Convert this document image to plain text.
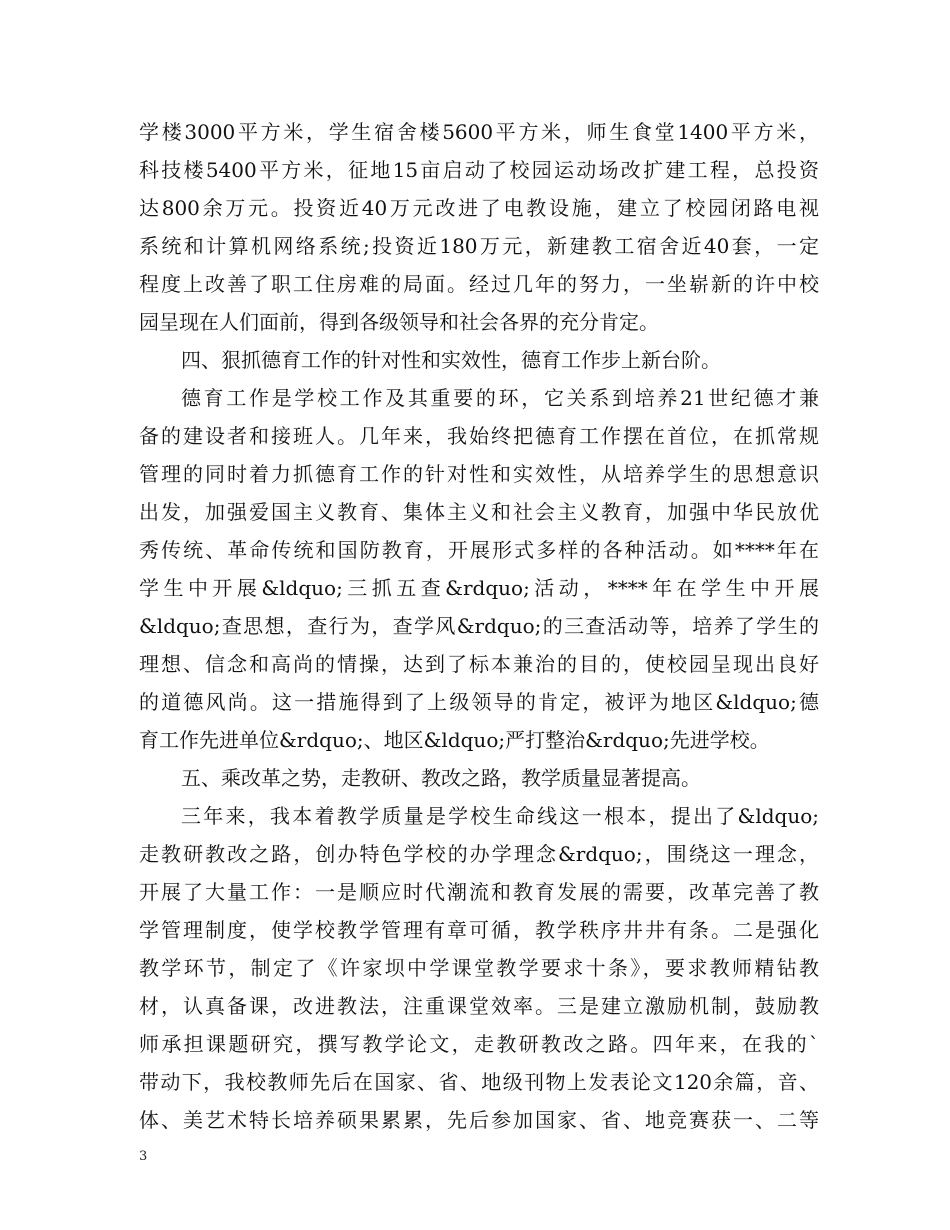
学楼3000平方米，学生宿舍楼5600平方米，师生食堂1400平方米，
科技楼5400平方米，征地15亩启动了校园运动场改扩建工程，总投资
达800余万元。投资近40万元改进了电教设施，建立了校园闭路电视
系统和计算机网络系统;投资近180万元，新建教工宿舍近40套，一定
程度上改善了职工住房难的局面。经过几年的努力，一坐崭新的许中校
园呈现在人们面前，得到各级领导和社会各界的充分肯定。
四、狠抓德育工作的针对性和实效性，德育工作步上新台阶。
德育工作是学校工作及其重要的环，它关系到培养21世纪德才兼
备的建设者和接班人。几年来，我始终把德育工作摆在首位，在抓常规
管理的同时着力抓德育工作的针对性和实效性，从培养学生的思想意识
出发，加强爱国主义教育、集体主义和社会主义教育，加强中华民放优
秀传统、革命传统和国防教育，开展形式多样的各种活动。如****年在
学生中开展&ldquo;三抓五查&rdquo;活动，****年在学生中开展
&ldquo;查思想，查行为，查学风&rdquo;的三查活动等，培养了学生的
理想、信念和高尚的情操，达到了标本兼治的目的，使校园呈现出良好
的道德风尚。这一措施得到了上级领导的肯定，被评为地区&ldquo;德
育工作先进单位&rdquo;、地区&ldquo;严打整治&rdquo;先进学校。
五、乘改革之势，走教研、教改之路，教学质量显著提高。
三年来，我本着教学质量是学校生命线这一根本，提出了&ldquo;
走教研教改之路，创办特色学校的办学理念&rdquo;，围绕这一理念，
开展了大量工作：一是顺应时代潮流和教育发展的需要，改革完善了教
学管理制度，使学校教学管理有章可循，教学秩序井井有条。二是强化
教学环节，制定了《许家坝中学课堂教学要求十条》，要求教师精钻教
材，认真备课，改进教法，注重课堂效率。三是建立激励机制，鼓励教
师承担课题研究，撰写教学论文，走教研教改之路。四年来，在我的`
带动下，我校教师先后在国家、省、地级刊物上发表论文120余篇，音、
体、美艺术特长培养硕果累累，先后参加国家、省、地竞赛获一、二等
3
